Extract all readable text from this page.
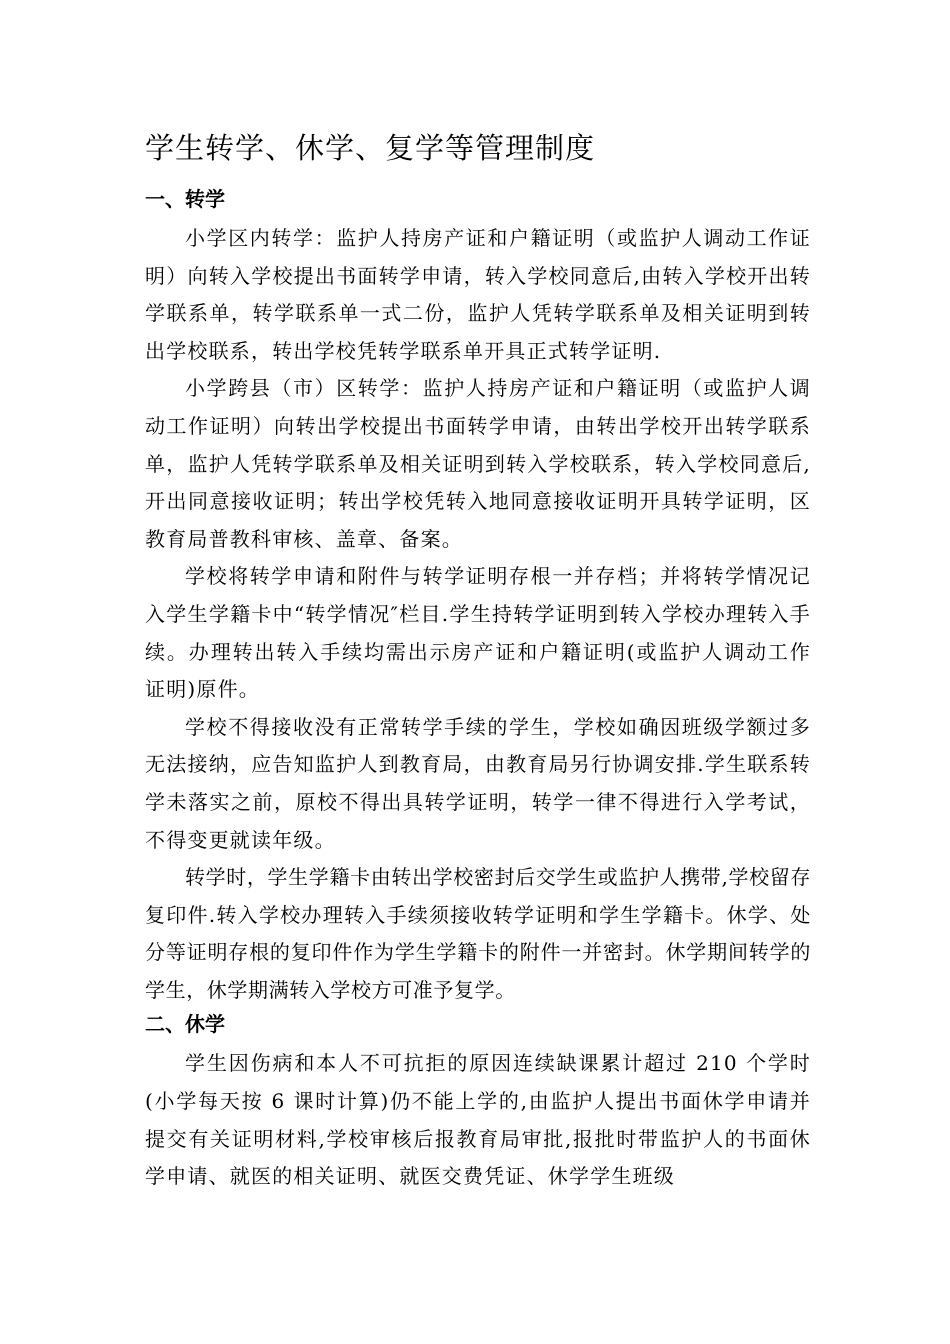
学生转学、休学、复学等管理制度
一、转学

小学区内转学：监护人持房产证和户籍证明（或监护人调动工作证明）向转入学校提出书面转学申请，转入学校同意后,由转入学校开出转学联系单，转学联系单一式二份，监护人凭转学联系单及相关证明到转出学校联系，转出学校凭转学联系单开具正式转学证明.

小学跨县（市）区转学：监护人持房产证和户籍证明（或监护人调动工作证明）向转出学校提出书面转学申请，由转出学校开出转学联系单，监护人凭转学联系单及相关证明到转入学校联系，转入学校同意后,开出同意接收证明；转出学校凭转入地同意接收证明开具转学证明，区教育局普教科审核、盖章、备案。

学校将转学申请和附件与转学证明存根一并存档；并将转学情况记入学生学籍卡中“转学情况″栏目.学生持转学证明到转入学校办理转入手续。办理转出转入手续均需出示房产证和户籍证明(或监护人调动工作证明)原件。

学校不得接收没有正常转学手续的学生，学校如确因班级学额过多无法接纳，应告知监护人到教育局，由教育局另行协调安排.学生联系转学未落实之前，原校不得出具转学证明，转学一律不得进行入学考试，不得变更就读年级。

转学时，学生学籍卡由转出学校密封后交学生或监护人携带,学校留存复印件.转入学校办理转入手续须接收转学证明和学生学籍卡。休学、处分等证明存根的复印件作为学生学籍卡的附件一并密封。休学期间转学的学生，休学期满转入学校方可准予复学。

二、休学

学生因伤病和本人不可抗拒的原因连续缺课累计超过 210 个学时(小学每天按 6 课时计算)仍不能上学的,由监护人提出书面休学申请并提交有关证明材料,学校审核后报教育局审批,报批时带监护人的书面休学申请、就医的相关证明、就医交费凭证、休学学生班级
